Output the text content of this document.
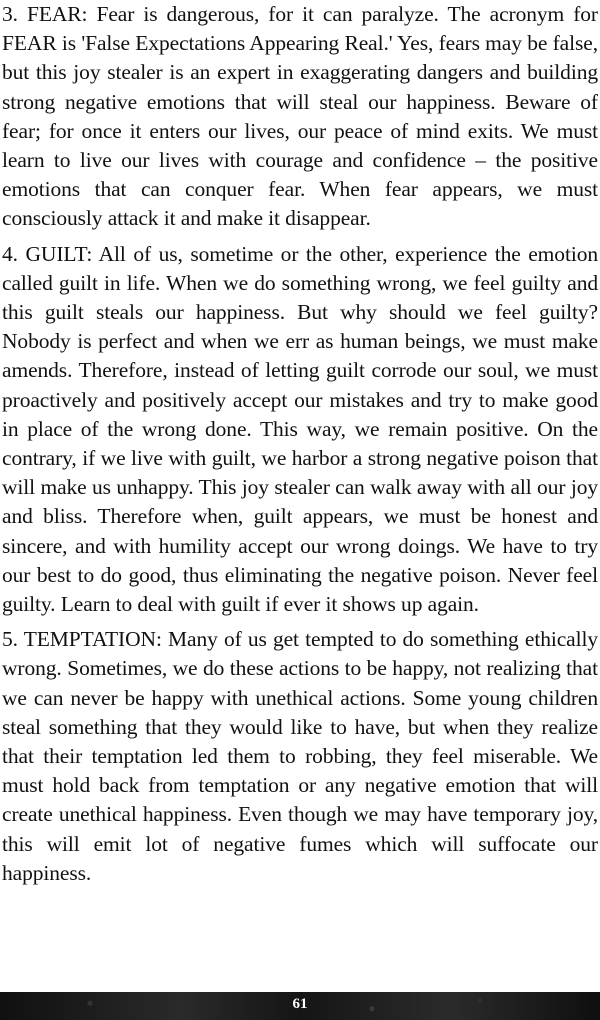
3. FEAR: Fear is dangerous, for it can paralyze. The acronym for FEAR is 'False Expectations Appearing Real.' Yes, fears may be false, but this joy stealer is an expert in exaggerating dangers and building strong negative emotions that will steal our happiness. Beware of fear; for once it enters our lives, our peace of mind exits. We must learn to live our lives with courage and confidence – the positive emotions that can conquer fear. When fear appears, we must consciously attack it and make it disappear.

4. GUILT: All of us, sometime or the other, experience the emotion called guilt in life. When we do something wrong, we feel guilty and this guilt steals our happiness. But why should we feel guilty? Nobody is perfect and when we err as human beings, we must make amends. Therefore, instead of letting guilt corrode our soul, we must proactively and positively accept our mistakes and try to make good in place of the wrong done. This way, we remain positive. On the contrary, if we live with guilt, we harbor a strong negative poison that will make us unhappy. This joy stealer can walk away with all our joy and bliss. Therefore when, guilt appears, we must be honest and sincere, and with humility accept our wrong doings. We have to try our best to do good, thus eliminating the negative poison. Never feel guilty. Learn to deal with guilt if ever it shows up again.

5. TEMPTATION: Many of us get tempted to do something ethically wrong. Sometimes, we do these actions to be happy, not realizing that we can never be happy with unethical actions. Some young children steal something that they would like to have, but when they realize that their temptation led them to robbing, they feel miserable. We must hold back from temptation or any negative emotion that will create unethical happiness. Even though we may have temporary joy, this will emit lot of negative fumes which will suffocate our happiness.

61
